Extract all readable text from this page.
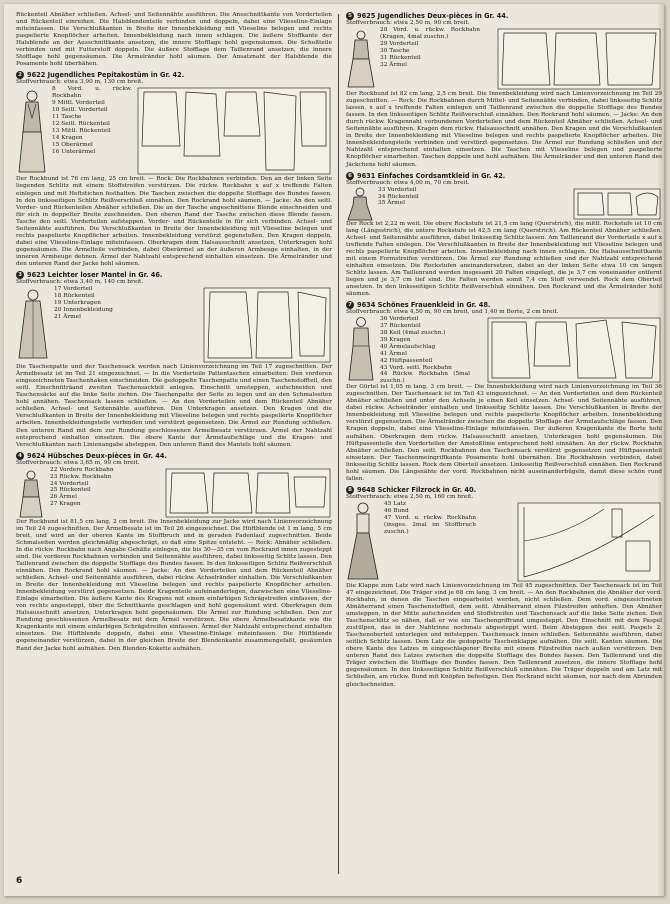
Rückenteil Abnäher schließen. Achsel- und Seitennähte ausführen. Die Ansschnittkante von Vorderteilen und Rückenteil einreihen. Die Halsblendenteile verbinden und doppeln, dabei eine Vlieseline-Einlage miteinfassen. Die Verschlußkanten in Breite der Innenbekleidung mit Vlieseline belegen und rechts paspelierte Knopflöcher arbeiten. Innenbekleidung nach innen schlagen. Die äußere Stoffkante der Halsblende an der Ausschnittkante ansetzen, die innere Stofflage hohl gegensäumen. Die Schoßteile verbinden und mit Futterstoff doppeln. Die äußere Stofflage dem Taillenrand ansetzen, die innere Stofflage hohl gegensäumen. Die Ärmelränder hohl säumen. Der Ansatznaht der Halsblende die Posamente hohl überhähen.

2 9622 Jugendliches Pepitakostüm in Gr. 42.
Stoffverbrauch: etwa 3,90 m, 130 cm breit.
8 Vord. u. rückw. Rockbahn
9 Mittl. Vorderteil
10 Seitl. Vorderteil
11 Tasche
12 Seitl. Rückenteil
13 Mittl. Rückenteil
14 Kragen
15 Oberärmel
16 Unterärmel

Der Rockbund ist 76 cm lang, 25 cm breit. — Rock: Die Rockbahnen verbinden. Den an der linken Seite liegenden Schlitz mit einem Stoffstreifen verstürzen. Die rückw. Rockbahn x auf x treffende Falten einlegen und mit Heftstichen festhalten. Die Taschen zwischen die doppelte Stofflage des Bundes fassen. In den linksseitigen Schlitz Reißverschluß einnähen. Den Rockrand hohl säumen. — Jacke: An den seitl. Vorder- und Rückenteilen Abnäher schließen. Die an der Tasche angeschnittene Blende einschneiden und für sich in doppelter Breite zuschneiden. Den oberen Rand der Tasche zwischen diese Blende fassen. Tasche den seitl. Vorderteilen aufsteppen. Vorder- und Rückenteile in für sich verbinden. Achsel- und Seitennähte ausführen. Die Verschlußkanten in Breite der Innenbekleidung mit Vlieseline belegen und rechts paspelierte Knopflöcher arbeiten. Innenbekleidung verstürzt gegenstoßen. Den Kragen doppeln, dabei eine Vlieseline-Einlage miteinfassen. Oberkragen dem Halsausschnitt ansetzen, Unterkragen hohl gegensäumen. Die Ärmelteile verbinden, dabei Oberärmel an der äußeren Armbeuge einhalten, in der inneren Armbeuge dehnen. Ärmel der Nahtzahl entsprechend einhalten einsetzen. Die Ärmelränder und den unteren Rand der Jacke hohl säumen.

3 9623 Leichter loser Mantel in Gr. 46.
Stoffverbrauch: etwa 3,40 m, 140 cm breit.
17 Vorderteil
18 Rückenteil
19 Unterkragen
20 Innenbekleidung
21 Ärmel

Die Taschenpatte und der Taschensack werden nach Linienvorzeichnung im Teil 17 zugeschnitten. Der Ärmelbesatz ist im Teil 21 eingezeichnet. — In die Vorderteile Pattentaschen einarbeiten: Den vorderen eingezeichneten Taschenhaken einschneiden. Die gedoppelte Taschenpatte und einen Taschenstoffteil, den seitl. Einschnitträand zweiten Taschensackteil anlegen. Einschnitt umsteppen, aufschneiden und Taschensäcke auf die linke Seite ziehen. Die Taschenpatte der Seite zu legen und an den Schmalseiten hohl annähen. Taschensack lassen schließen. — An den Vorderteilen und dem Rückenteil Abnäher schließen. Achsel- und Seitennähte ausführen. Den Unterkragen ansetzen. Den Kragen und die Verschlußkanten in Breite der Innenbekleidung mit Vlieseline belegen und rechts paspelierte Knopflöcher arbeiten. Innenbekleidungsteile verbinden und verstürzt gegensetzen. Die Ärmel zur Rundung schließen. Den unteren Rand mit dem zur Rundung geschlossenen Ärmelbesatz verstürzen. Ärmel der Nahtzahl entsprechend einhalten einsetzen. Die obere Kante der Ärmelaufschläge und die Kragen- und Verschlußkanten nach Linienangabe absteppen. Den unteren Rand des Mantels hohl säumen.

4 9624 Hübsches Deux-pièces in Gr. 44.
Stoffverbrauch: etwa 3,65 m, 90 cm breit.
22 Vordere Rockbahn
23 Rückw. Rockbahn
24 Vorderteil
25 Rückenteil
26 Ärmel
27 Kragen

Der Rockbund ist 81,5 cm lang, 2 cm breit. Die Innenbekleidung zur Jacke wird nach Linienvorzeichnung im Teil 24 zugeschnitten. Der Ärmelbesatz ist im Teil 26 eingezeichnet. Die Hüftblende ist 1 m lang, 5 cm breit, und wird an der oberen Kante im Stoffbruch und in geraden Fadenlauf zugeschnitten. Beide Schmalseiten werden gleichmäßig abgeschrägt, so daß eine Spitze entsteht. — Rock: Abnäher schließen. In die rückw. Rockbahn nach Angabe Gehälte einlegen, die bis 30—35 cm vom Rockrand innen zugesteppt sind. Die vorderen Rockbahnen verbinden und Seitennähte ausführen, dabei linksseitig Schlitz lassen. Den Taillenrand zwischen die doppelte Stofflage des Bundes fassen. In den linksseitigen Schlitz Reißverschluß einnähen. Den Rockrand hohl säumen. — Jacke: An den Vorderteilen und dem Rückenteil Abnäher schließen. Achsel- und Seitennähte ausführen, dabei rückw. Achselränder einhalten. Die Verschlußkanten in Breite der Innenbekleidung mit Vlieseline belegen und rechts paspelierte Knopflöcher arbeiten. Innenbekleidung verstürzt gegensetzen. Beide Kragenteile aufeinanderlegen, dazwischen eine Vlieseline-Einlage einarbeiten. Die äußere Kante des Kragens mit einem einfarbigen Schrägstreifen einfassen, der von rechts angesteppt, über die Schnittkante geschlagen und hohl gegensäumt wird. Oberkragen dem Halsausschnitt ansetzen, Unterkragen hohl gegensäumen. Die Ärmel zur Rundung schließen. Den zur Rundung geschlossenen Ärmelbesatz mit dem Ärmel verstürzen. Die obere Ärmelbesatzkante wie die Kragenkante mit einem einfarbigen Schrägstreifen einfassen. Ärmel der Nahtzahl entsprechend einhalten einsetzen. Die Hüftblende doppeln, dabei eine Vlieseline-Einlage miteinfassen. Die Hüftblende gegeneinander verstürzen, dabei in der gleichen Breite der Blendenkante zusammengefaßt, gesäumten Rand der Jacke hohl aufnähen. Den Blenden-Kokette aufnähen.

5 9625 Jugendliches Deux-pièces in Gr. 44.
Stoffverbrauch: etwa 2,50 m, 90 cm breit.
28 Vord. u. rückw. Rockbahn (Kragen, 4mal zuschn.)
29 Vorderteil
30 Tasche
31 Rückenteil
32 Ärmel

Der Rockbund ist 82 cm lang, 2,5 cm breit. Die Innenbekleidung wird nach Linienvorzeichnung im Teil 29 zugeschnitten. — Rock: Die Rockbahnen durch Mittel- und Seitennähte verbinden, dabei linksseitig Schlitz lassen. x auf x treffende Falten einlegen und Taillenrand zwischen die doppelte Stofflage des Bundes fassen. In den linksseitigen Schlitz Reißverschluß einnähen. Den Rockrand hohl säumen. — Jacke: An den durch rückw. Kragennaht verbundenen Vorderteilen und dem Rückenteil Abnäher schließen. Achsel- und Seitennähte ausführen. Kragen dem rückw. Halsausschnitt annähen. Den Kragen und die Verschlußkanten in Breite der Innenbekleidung mit Vlieseline belegen und rechts paspelierte Knopflöcher arbeiten. Die Innenbekleidungsteile verbinden und verstürzt gegensetzen. Die Ärmel zur Rundung schließen und der Nahtzahl entsprechend einhalten einsetzen. Die Taschen mit Vlieseline belegen und paspelierte Knopflöcher einarbeiten. Taschen doppeln und hohl aufnähen. Die Ärmelränder und den unteren Rand des Jäckchens hohl säumen.

6 9631 Einfaches Cordsamtkleid in Gr. 42.
Stoffverbrauch: etwa 4,00 m, 70 cm breit.
33 Vorderteil
34 Rückenteil
35 Ärmel

Der Rock ist 2,22 m weit. Die obere Rockstufe ist 21,5 cm lang (Querstrich), die mittl. Rockstufe ist 10 cm lang (Längsstrich), die untere Rockstufe ist 42,5 cm lang (Querstrich). Am Rückenteil Abnäher schließen. Achsel- und Seitennähte ausführen, dabei linksseitig Schlitz lassen. Am Taillenrand der Vorderteile x auf x treffende Falten einlegen. Die Verschlußkanten in Breite der Innenbekleidung mit Vlieseline belegen und rechts paspelierte Knopflöcher arbeiten. Innenbekleidung nach innen schlagen. Die Halsausschnittkante mit einem Formstreifen verstürzen. Die Ärmel zur Rundung schließen und der Nahtzahl entsprechend einhalten einsetzen. Die Rockstufen aneinandersetzen, dabei an der linken Seite etwa 10 cm langen Schlitz lassen. Am Taillenrand werden insgesamt 20 Falten eingelegt, die je 3,7 cm voneinander entfernt liegen und je 3,7 cm tief sind. Die Falten werden somit 7,4 cm Stoff verwendet. Rock dem Oberteil ansetzen. In den linksseitigen Schlitz Reißverschluß einnähen. Den Rockrand und die Ärmelränder hohl säumen.

7 9634 Schönes Frauenkleid in Gr. 48.
Stoffverbrauch: etwa 4,50 m, 90 cm breit, und 1,40 m Borte, 2 cm breit.
36 Vorderteil
37 Rückenteil
38 Keil (4mal zuschn.)
39 Kragen
40 Ärmelaufschlag
41 Ärmel
42 Hüftpassenteil
43 Vord. seitl. Rockbahn
44 Rückw. Rockbahn (5mal zuschn.)

Der Gürtel ist 1,05 m lang, 3 cm breit. — Die Innenbekleidung wird nach Linienvorzeichnung im Teil 36 zugeschnitten. Der Taschensack ist im Teil 43 eingezeichnet. — An den Vorderteilen und dem Rückenteil Abnäher schließen und unter den Achseln je einen Keil einsetzen. Achsel- und Seitennähte ausführen, dabei rückw. Achselränder einhalten und linksseitig Schlitz lassen. Die Verschlußkanten in Breite der Innenbekleidung mit Vlieseline belegen und rechts paspelierte Knopflöcher arbeiten. Innenbekleidung verstürzt gegensetzen. Die Ärmelränder zwischen die doppelte Stofflage der Ärmelaufschläge fassen. Den Kragen doppeln, dabei eine Vlieseline-Einlage miteinfassen. Der äußeren Kragenkante die Borte hohl aufnähen. Oberkragen dem rückw. Halsausschnitt ansetzen, Unterkragen hohl gegensäumen. Die Hüftpassenteile den Vorderteilen der Amstoßlinie entsprechend hohl einnähen. An der rückw. Rockbahn Abnäher schließen. Den seitl. Rockbahnen den Taschensack verstürzt gegensetzen und Hüftpassenteil einsetzen. Der Taschenmeingriffkante Posamente hohl übernähen. Die Rockbahnen verbinden, dabei linksseitig Schlitz lassen. Rock dem Oberteil ansetzen. Linksseitig Reißverschluß einnähen. Den Rockrand hohl säumen. Die Längsnähte der vord. Rockbahnen nicht auseinanderbügeln, damit diese schön rund fallen.

8 9648 Schicker Filzrock in Gr. 40.
Stoffverbrauch: etwa 2,50 m, 160 cm breit.
45 Latz
46 Bund
47 Vord. u. rückw. Rockbahn (insges. 2mal im Stoffbruch zuschn.)

Die Klappe zum Latz wird nach Linienvorzeichnung im Teil 45 zugeschnitten. Der Taschensack ist im Teil 47 eingezeichnet. Die Träger sind je 68 cm lang, 3 cm breit. — An den Rockbahnen die Abnäher der vord. Rockbahn, in denen die Taschen eingearbeitet werden, nicht schließen. Dem vord. eingezeichneten Abnäherrand einen Taschenstoffteil, dem seitl. Abnäherrand einen Filzstreifen anheften. Den Abnäher umsteppen, in der Mitte aufschneiden und Stoffstreifen und Taschensack auf die linke Seite ziehen. Den Taschenschlitz so nähen, daß er wie ein Taschengriffrand umgesteppt. Den Einschnitt mit dem Paspel zustülpen, das in der Nahtrinne nochmals abgesteppt wird. Beim Absteppen des seitl. Paspels 2. Taschenoberteil unterlegen und mitsteppen. Taschensack innen schließen. Seitennähte ausführen, dabei seitlich Schlitz lassen. Dem Latz die gedoppelte Taschenklappe aufnähen. Die seitl. Kanten säumen. Die obere Kante des Latzes in eingeschlagener Breite mit einem Filzstreifen nach außen verstürzen. Den unteren Rand des Latzes zwischen die doppelte Stofflage des Bundes fassen. Den Taillenrand und die Träger zwischen die Stofflage des Bundes fassen. Den Taillenrand zusetzen, die innere Stofflage hohl gegensäumen. In den linksseitigen Schlitz Reißverschluß einnähen. Die Träger doppeln und am Latz mit Schließen, am rückw. Bund mit Knöpfen befestigen. Den Rockrand nicht säumen, nur nach dem Abrunden gleichschneiden.

6
